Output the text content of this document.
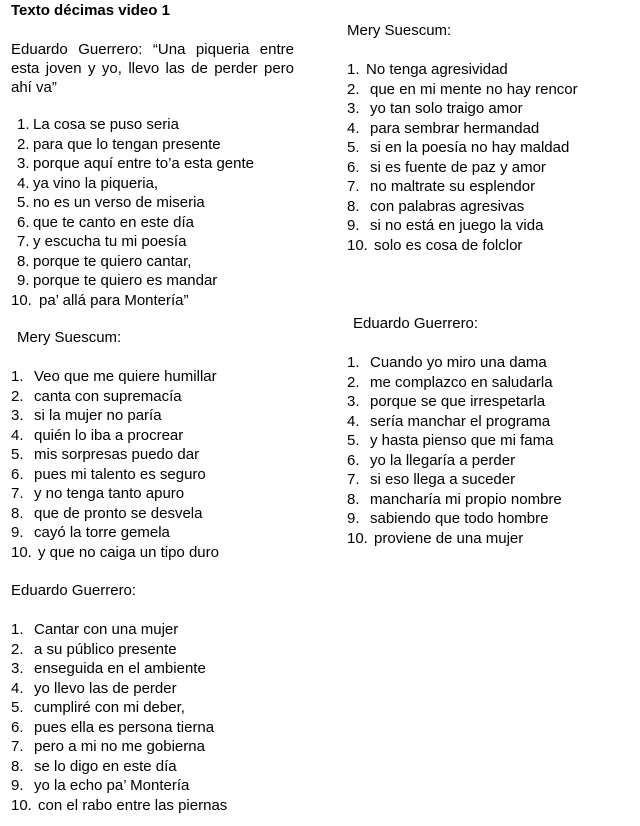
Texto décimas video 1
Eduardo Guerrero: “Una piqueria entre esta joven y yo, llevo las de perder pero ahí va”
1. La cosa se puso seria
2. para que lo tengan presente
3. porque aquí entre to’a esta gente
4. ya vino la piqueria,
5. no es un verso de miseria
6. que te canto en este día
7. y escucha tu mi poesía
8. porque te quiero cantar,
9. porque te quiero es mandar
10. pa’ allá para Montería”
Mery Suescum:
1. Veo que me quiere humillar
2. canta con supremacía
3. si la mujer no paría
4. quién lo iba a procrear
5. mis sorpresas puedo dar
6. pues mi talento es seguro
7. y no tenga tanto apuro
8. que de pronto se desvela
9. cayó la torre gemela
10. y que no caiga un tipo duro
Eduardo Guerrero:
1. Cantar con una mujer
2. a su público presente
3. enseguida en el ambiente
4. yo llevo las de perder
5. cumpliré con mi deber,
6. pues ella es persona tierna
7. pero a mi no me gobierna
8. se lo digo en este día
9. yo la echo pa’ Montería
10. con el rabo entre las piernas
Mery Suescum:
1. No tenga agresividad
2. que en mi mente no hay rencor
3. yo tan solo traigo amor
4. para sembrar hermandad
5. si en la poesía no hay maldad
6. si es fuente de paz y amor
7. no maltrate su esplendor
8. con palabras agresivas
9. si no está en juego la vida
10. solo es cosa de folclor
Eduardo Guerrero:
1. Cuando yo miro una dama
2. me complazco en saludarla
3. porque se que irrespetarla
4. sería manchar el programa
5. y hasta pienso que mi fama
6. yo la llegaría a perder
7. si eso llega a suceder
8. mancharía mi propio nombre
9. sabiendo que todo hombre
10. proviene de una mujer
